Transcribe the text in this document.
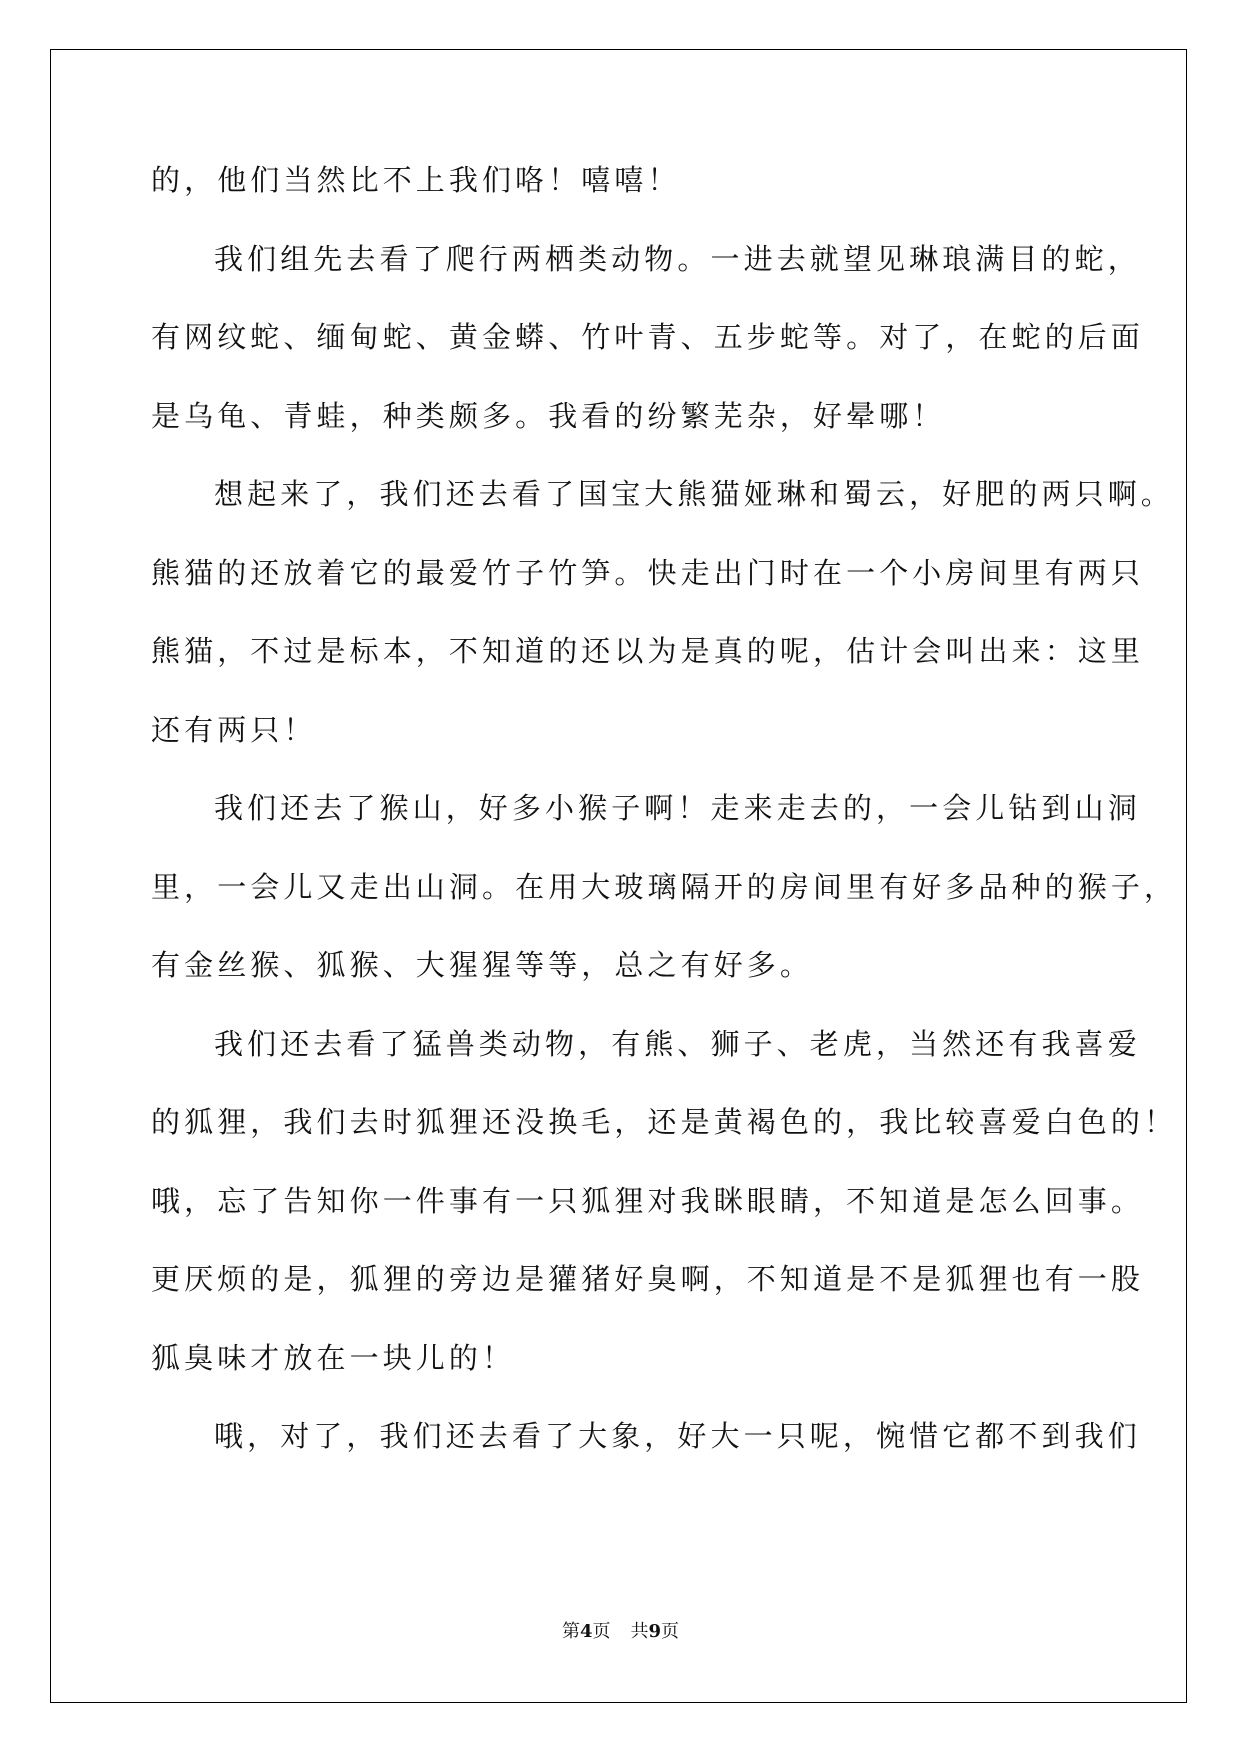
的，他们当然比不上我们咯！嘻嘻！
我们组先去看了爬行两栖类动物。一进去就望见琳琅满目的蛇，
有网纹蛇、缅甸蛇、黄金蟒、竹叶青、五步蛇等。对了，在蛇的后面
是乌龟、青蛙，种类颇多。我看的纷繁芜杂，好晕哪！
想起来了，我们还去看了国宝大熊猫娅琳和蜀云，好肥的两只啊。
熊猫的还放着它的最爱竹子竹笋。快走出门时在一个小房间里有两只
熊猫，不过是标本，不知道的还以为是真的呢，估计会叫出来：这里
还有两只！
我们还去了猴山，好多小猴子啊！走来走去的，一会儿钻到山洞
里，一会儿又走出山洞。在用大玻璃隔开的房间里有好多品种的猴子，
有金丝猴、狐猴、大猩猩等等，总之有好多。
我们还去看了猛兽类动物，有熊、狮子、老虎，当然还有我喜爱
的狐狸，我们去时狐狸还没换毛，还是黄褐色的，我比较喜爱白色的！
哦，忘了告知你一件事有一只狐狸对我眯眼睛，不知道是怎么回事。
更厌烦的是，狐狸的旁边是獾猪好臭啊，不知道是不是狐狸也有一股
狐臭味才放在一块儿的！
哦，对了，我们还去看了大象，好大一只呢，惋惜它都不到我们
第4页 共9页
